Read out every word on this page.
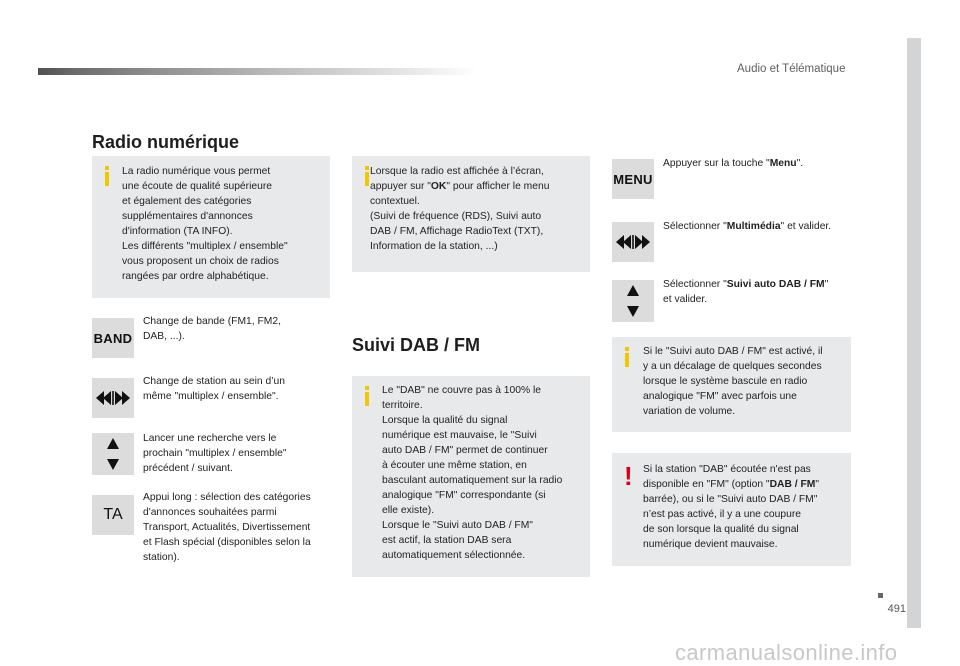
Audio et Télématique
Radio numérique
La radio numérique vous permet
une écoute de qualité supérieure
et également des catégories
supplémentaires d'annonces
d'information (TA INFO).
Les différents "multiplex / ensemble"
vous proposent un choix de radios
rangées par ordre alphabétique.
BAND
Change de bande (FM1, FM2,
DAB, ...).
Change de station au sein d’un
même "multiplex / ensemble".
Lancer une recherche vers le
prochain "multiplex / ensemble"
précédent / suivant.
TA
Appui long : sélection des catégories
d'annonces souhaitées parmi
Transport, Actualités, Divertissement
et Flash spécial (disponibles selon la
station).
Lorsque la radio est affichée à l’écran,
appuyer sur "OK" pour afficher le menu
contextuel.
(Suivi de fréquence (RDS), Suivi auto
DAB / FM, Affichage RadioText (TXT),
Information de la station, ...)
Suivi DAB / FM
Le "DAB" ne couvre pas à 100% le
territoire.
Lorsque la qualité du signal
numérique est mauvaise, le "Suivi
auto DAB / FM" permet de continuer
à écouter une même station, en
basculant automatiquement sur la radio
analogique "FM" correspondante (si
elle existe).
Lorsque le "Suivi auto DAB / FM"
est actif, la station DAB sera
automatiquement sélectionnée.
MENU
Appuyer sur la touche "Menu".
Sélectionner "Multimédia" et valider.
Sélectionner "Suivi auto DAB / FM"
et valider.
Si le "Suivi auto DAB / FM" est activé, il
y a un décalage de quelques secondes
lorsque le système bascule en radio
analogique "FM" avec parfois une
variation de volume.
! Si la station "DAB" écoutée n'est pas
disponible en "FM" (option "DAB / FM"
barrée), ou si le "Suivi auto DAB / FM"
n’est pas activé, il y a une coupure
de son lorsque la qualité du signal
numérique devient mauvaise.
491
carmanualsonline.info
